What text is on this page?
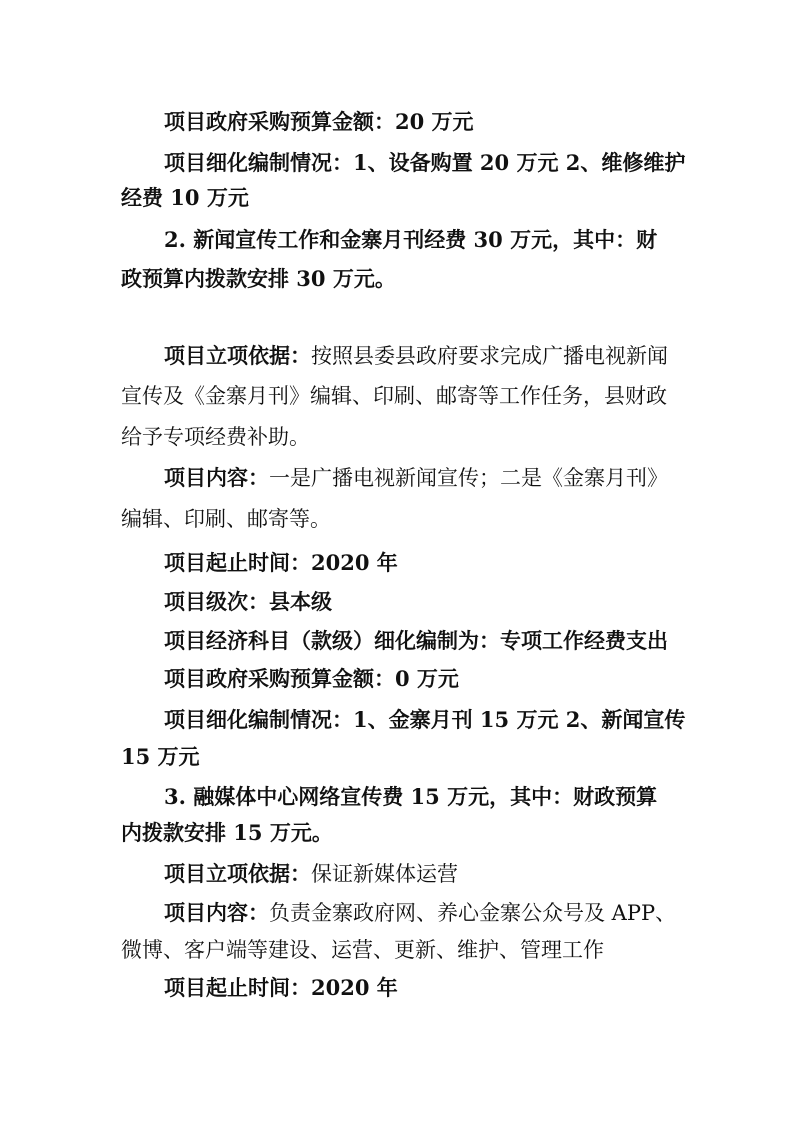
项目政府采购预算金额：20 万元
项目细化编制情况：1、设备购置 20 万元 2、维修维护
经费 10 万元
2. 新闻宣传工作和金寨月刊经费 30 万元，其中：财
政预算内拨款安排 30 万元。
项目立项依据：按照县委县政府要求完成广播电视新闻
宣传及《金寨月刊》编辑、印刷、邮寄等工作任务，县财政
给予专项经费补助。
项目内容：一是广播电视新闻宣传；二是《金寨月刊》
编辑、印刷、邮寄等。
项目起止时间：2020 年
项目级次：县本级
项目经济科目（款级）细化编制为：专项工作经费支出
项目政府采购预算金额：0 万元
项目细化编制情况：1、金寨月刊 15 万元 2、新闻宣传
15 万元
3. 融媒体中心网络宣传费 15 万元，其中：财政预算
内拨款安排 15 万元。
项目立项依据：保证新媒体运营
项目内容：负责金寨政府网、养心金寨公众号及 APP、
微博、客户端等建设、运营、更新、维护、管理工作
项目起止时间：2020 年
